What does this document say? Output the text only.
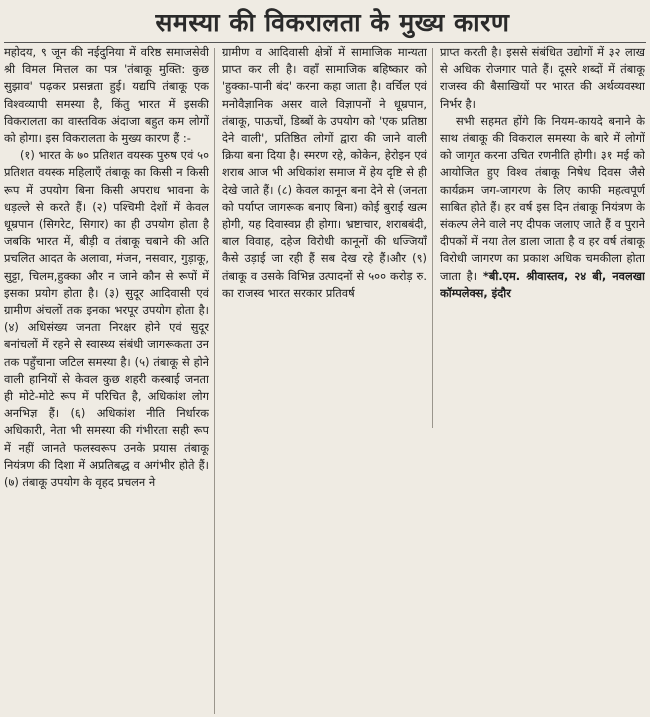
समस्या की विकरालता के मुख्य कारण

महोदय, ९ जून की नईदुनिया में वरिष्ठ समाजसेवी श्री विमल मित्तल का पत्र 'तंबाकू मुक्ति: कुछ सुझाव' पढ़कर प्रसन्नता हुई। यद्यपि तंबाकू एक विश्वव्यापी समस्या है, किंतु भारत में इसकी विकरालता का वास्तविक अंदाजा बहुत कम लोगों को होगा। इस विकरालता के मुख्य कारण हैं :-

(१) भारत के ७० प्रतिशत वयस्क पुरुष एवं ५० प्रतिशत वयस्क महिलाएँ तंबाकू का किसी न किसी रूप में उपयोग बिना किसी अपराध भावना के धड़ल्ले से करते हैं। (२) पश्चिमी देशों में केवल धूम्रपान (सिगरेट, सिगार) का ही उपयोग होता है जबकि भारत में, बीड़ी व तंबाकू चबाने की अति प्रचलित आदत के अलावा, मंजन, नसवार, गुड़ाकू, सुट्टा, चिलम,हुक्का और न जाने कौन से रूपों में इसका प्रयोग होता है। (३) सुदूर आदिवासी एवं ग्रामीण अंचलों तक इनका भरपूर उपयोग होता है। (४) अधिसंख्य जनता निरक्षर होने एवं सुदूर बनांचलों में रहने से स्वास्थ्य संबंधी जागरूकता उन तक पहुँचाना जटिल समस्या है। (५) तंबाकू से होने वाली हानियों से केवल कुछ शहरी कस्बाई जनता ही मोटे-मोटे रूप में परिचित है, अधिकांश लोग अनभिज्ञ हैं। (६) अधिकांश नीति निर्धारक अधिकारी, नेता भी समस्या की गंभीरता सही रूप में नहीं जानते फलस्वरूप उनके प्रयास तंबाकू नियंत्रण की दिशा में अप्रतिबद्ध व अगंभीर होते हैं। (७) तंबाकू उपयोग के वृहद प्रचलन ने

ग्रामीण व आदिवासी क्षेत्रों में सामाजिक मान्यता प्राप्त कर ली है। वहाँ सामाजिक बहिष्कार को 'हुक्का-पानी बंद' करना कहा जाता है। वर्चिल एवं मनोवैज्ञानिक असर वाले विज्ञापनों ने धूम्रपान, तंबाकू, पाऊचों, डिब्बों के उपयोग को 'एक प्रतिष्ठा देने वाली', प्रतिष्ठित लोगों द्वारा की जाने वाली क्रिया बना दिया है। स्मरण रहे, कोकेन, हेरोइन एवं शराब आज भी अधिकांश समाज में हेय दृष्टि से ही देखे जाते हैं। (८) केवल कानून बना देने से (जनता को पर्याप्त जागरूक बनाए बिना) कोई बुराई खत्म होगी, यह दिवास्वप्न ही होगा। भ्रष्टाचार, शराबबंदी, बाल विवाह, दहेज विरोधी कानूनों की धज्जियाँ कैसे उड़ाई जा रही हैं सब देख रहे हैं।और (९) तंबाकू व उसके विभिन्न उत्पादनों से ५०० करोड़ रु. का राजस्व भारत सरकार प्रतिवर्ष

प्राप्त करती है। इससे संबंधित उद्योगों में ३२ लाख से अधिक रोजगार पाते हैं। दूसरे शब्दों में तंबाकू राजस्व की बैसाखियों पर भारत की अर्थव्यवस्था निर्भर है।

सभी सहमत होंगे कि नियम-कायदे बनाने के साथ तंबाकू की विकराल समस्या के बारे में लोगों को जागृत करना उचित रणनीति होगी। ३१ मई को आयोजित हुए विश्व तंबाकू निषेध दिवस जैसे कार्यक्रम जग-जागरण के लिए काफी महत्वपूर्ण साबित होते हैं। हर वर्ष इस दिन तंबाकू नियंत्रण के संकल्प लेने वाले नए दीपक जलाए जाते हैं व पुराने दीपकों में नया तेल डाला जाता है व हर वर्ष तंबाकू विरोधी जागरण का प्रकाश अधिक चमकीला होता जाता है। *बी.एम. श्रीवास्तव, २४ बी, नवलखा कॉम्पलेक्स, इंदौर
